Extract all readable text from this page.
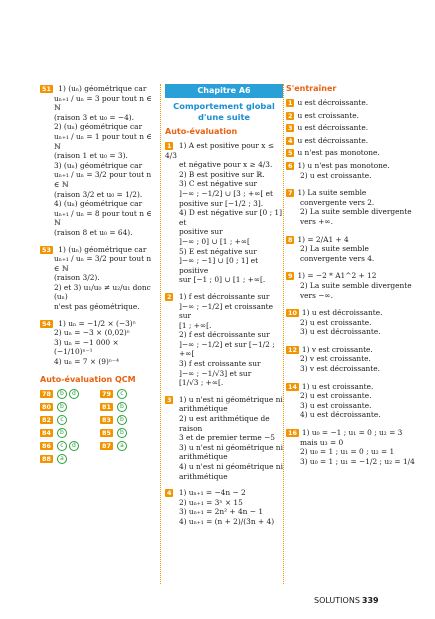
51 1) (uₙ) géométrique car
uₙ₊₁ / uₙ = 3 pour tout n ∈ ℕ
(raison 3 et u₀ = −4).
2) (uₙ) géométrique car
uₙ₊₁ / uₙ = 1 pour tout n ∈ ℕ
(raison 1 et u₀ = 3).
3) (uₙ) géométrique car
uₙ₊₁ / uₙ = 3/2 pour tout n ∈ ℕ
(raison 3/2 et u₀ = 1/2).
4) (uₙ) géométrique car
uₙ₊₁ / uₙ = 8 pour tout n ∈ ℕ
(raison 8 et u₀ = 64).
53 1) (uₙ) géométrique car
uₙ₊₁ / uₙ = 3/2 pour tout n ∈ ℕ
(raison 3/2).
2) et 3) u₁/u₀ ≠ u₂/u₁ donc (uₙ)
n'est pas géométrique.
54 1) uₙ = −1/2 × (−3)ⁿ
2) uₙ = −3 × (0,02)ⁿ
3) uₙ = −1 000 × (−1/10)ⁿ⁻¹
4) uₙ = 7 × (9)ⁿ⁻⁴
Auto-évaluation QCM
78	b	d	79	c
80	b	81	b
82	c	83	b
84	b	85	b
86	c	d	87	a
88	a
Chapitre A6
Comportement global d'une suite
Auto-évaluation
1 1) A est positive pour x ≤ 4/3
et négative pour x ≥ 4/3.
2) B est positive sur ℝ.
3) C est négative sur
]−∞ ; −1/2] ∪ [3 ; +∞[ et
positive sur [−1/2 ; 3].
4) D est négative sur [0 ; 1] et
positive sur
]−∞ ; 0] ∪ [1 ; +∞[
5) E est négative sur
]−∞ ; −1] ∪ [0 ; 1] et positive
sur [−1 ; 0] ∪ [1 ; +∞[.
2 1) f est décroissante sur
]−∞ ; −1/2] et croissante sur
[1 ; +∞[.
2) f est décroissante sur
]−∞ ; −1/2] et sur [−1/2 ; +∞[
3) f est croissante sur
]−∞ ; −1/√3] et sur
[1/√3 ; +∞[.
3 1) u n'est ni géométrique ni
arithmétique
2) u est arithmétique de raison
3 et de premier terme −5
3) u n'est ni géométrique ni
arithmétique
4) u n'est ni géométrique ni
arithmétique
4 1) uₙ₊₁ = −4n − 2
2) uₙ₊₁ = 3ⁿ × 15
3) uₙ₊₁ = 2n² + 4n − 1
4) uₙ₊₁ = (n + 2)/(3n + 4)
S'entraîner
1 u est décroissante.
2 u est croissante.
3 u est décroissante.
4 u est décroissante.
5 u n'est pas monotone.
6 1) u n'est pas monotone.
2) u est croissante.
7 1) La suite semble
convergente vers 2.
2) La suite semble divergente
vers +∞.
8 1) = 2/A1 + 4
2) La suite semble
convergente vers 4.
9 1) = −2 * A1^2 + 12
2) La suite semble divergente
vers −∞.
10 1) u est décroissante.
2) u est croissante.
3) u est décroissante.
12 1) v est croissante.
2) v est croissante.
3) v est décroissante.
14 1) u est croissante.
2) u est croissante.
3) u est croissante.
4) u est décroissante.
16 1) u₀ = −1 ; u₁ = 0 ; u₂ = 3
mais u₃ = 0
2) u₀ = 1 ; u₁ = 0 ; u₂ = 1
3) u₀ = 1 ; u₁ = −1/2 ; u₂ = 1/4
SOLUTIONS 339
